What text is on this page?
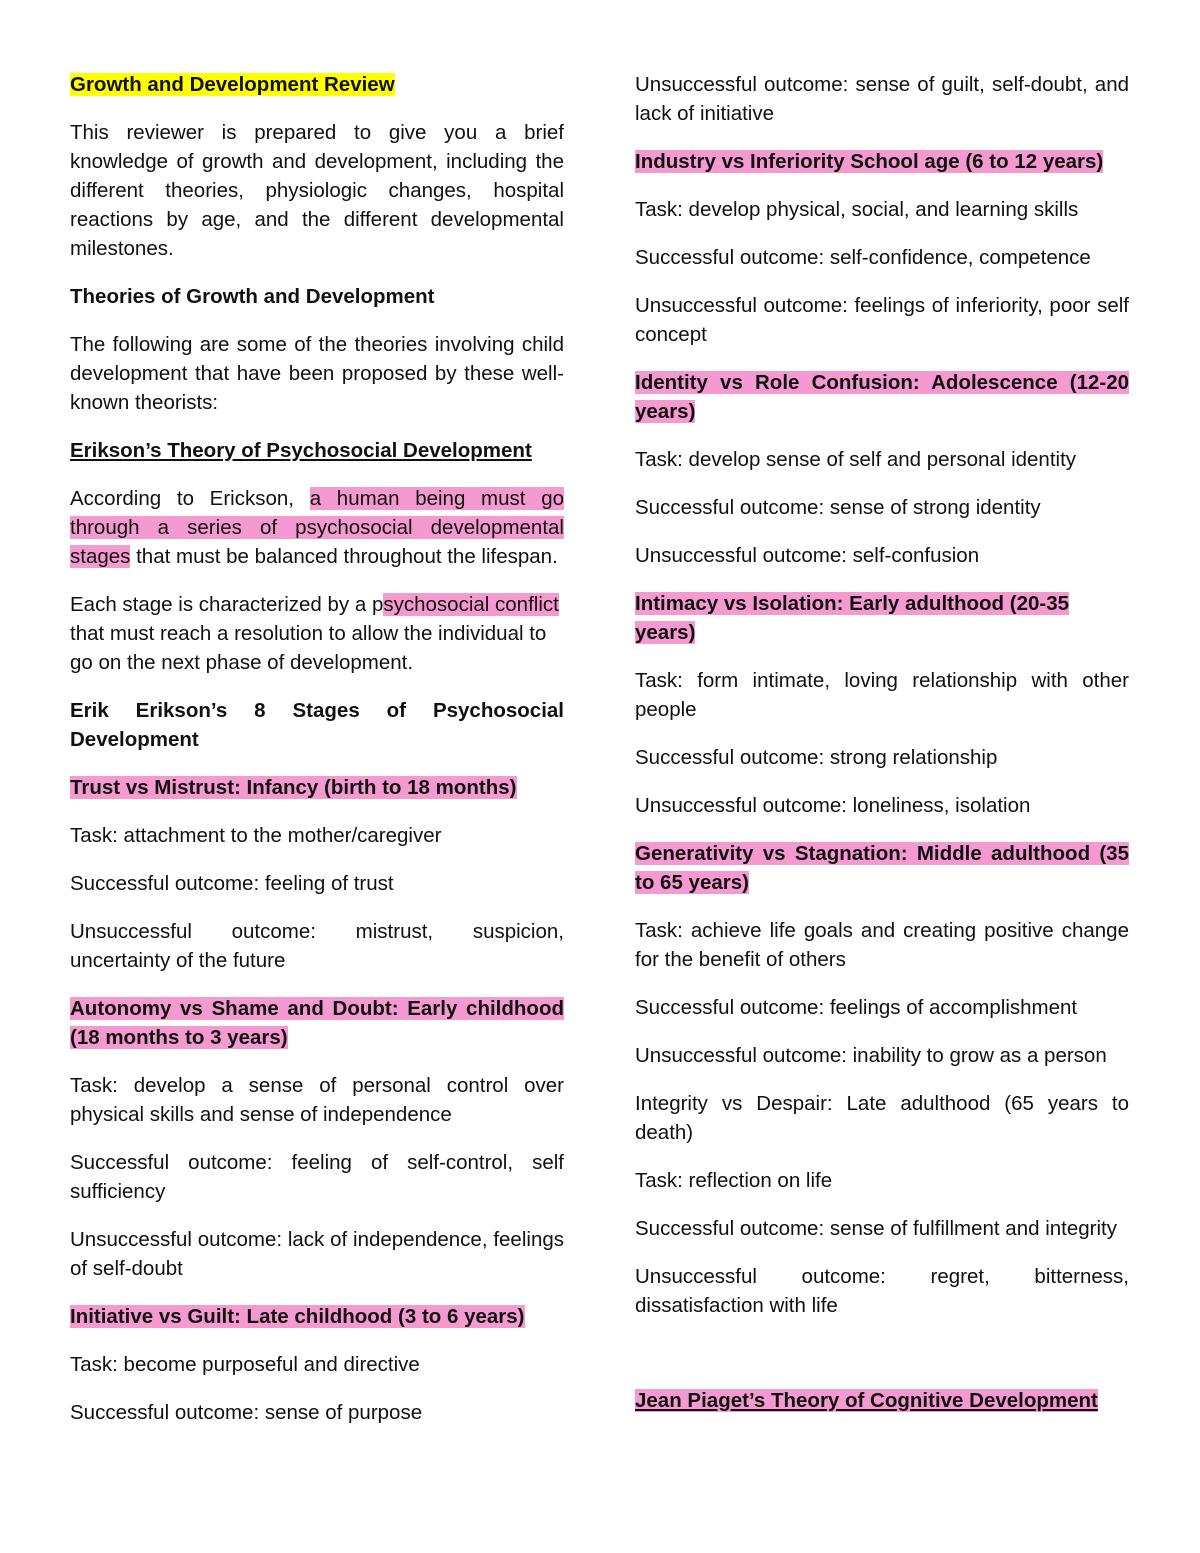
Growth and Development Review

This reviewer is prepared to give you a brief knowledge of growth and development, including the different theories, physiologic changes, hospital reactions by age, and the different developmental milestones.

Theories of Growth and Development

The following are some of the theories involving child development that have been proposed by these well-known theorists:

Erikson’s Theory of Psychosocial Development

According to Erickson, a human being must go through a series of psychosocial developmental stages that must be balanced throughout the lifespan.

Each stage is characterized by a psychosocial conflict that must reach a resolution to allow the individual to go on the next phase of development.

Erik Erikson’s 8 Stages of Psychosocial Development

Trust vs Mistrust: Infancy (birth to 18 months)

Task: attachment to the mother/caregiver

Successful outcome: feeling of trust

Unsuccessful outcome: mistrust, suspicion, uncertainty of the future

Autonomy vs Shame and Doubt: Early childhood (18 months to 3 years)

Task: develop a sense of personal control over physical skills and sense of independence

Successful outcome: feeling of self-control, self sufficiency

Unsuccessful outcome: lack of independence, feelings of self-doubt

Initiative vs Guilt: Late childhood (3 to 6 years)

Task: become purposeful and directive

Successful outcome: sense of purpose

Unsuccessful outcome: sense of guilt, self-doubt, and lack of initiative

Industry vs Inferiority School age (6 to 12 years)

Task: develop physical, social, and learning skills

Successful outcome: self-confidence, competence

Unsuccessful outcome: feelings of inferiority, poor self concept

Identity vs Role Confusion: Adolescence (12-20 years)

Task: develop sense of self and personal identity

Successful outcome: sense of strong identity

Unsuccessful outcome: self-confusion

Intimacy vs Isolation: Early adulthood (20-35 years)

Task: form intimate, loving relationship with other people

Successful outcome: strong relationship

Unsuccessful outcome: loneliness, isolation

Generativity vs Stagnation: Middle adulthood (35 to 65 years)

Task: achieve life goals and creating positive change for the benefit of others

Successful outcome: feelings of accomplishment

Unsuccessful outcome: inability to grow as a person

Integrity vs Despair: Late adulthood (65 years to death)

Task: reflection on life

Successful outcome: sense of fulfillment and integrity

Unsuccessful outcome: regret, bitterness, dissatisfaction with life

Jean Piaget’s Theory of Cognitive Development
